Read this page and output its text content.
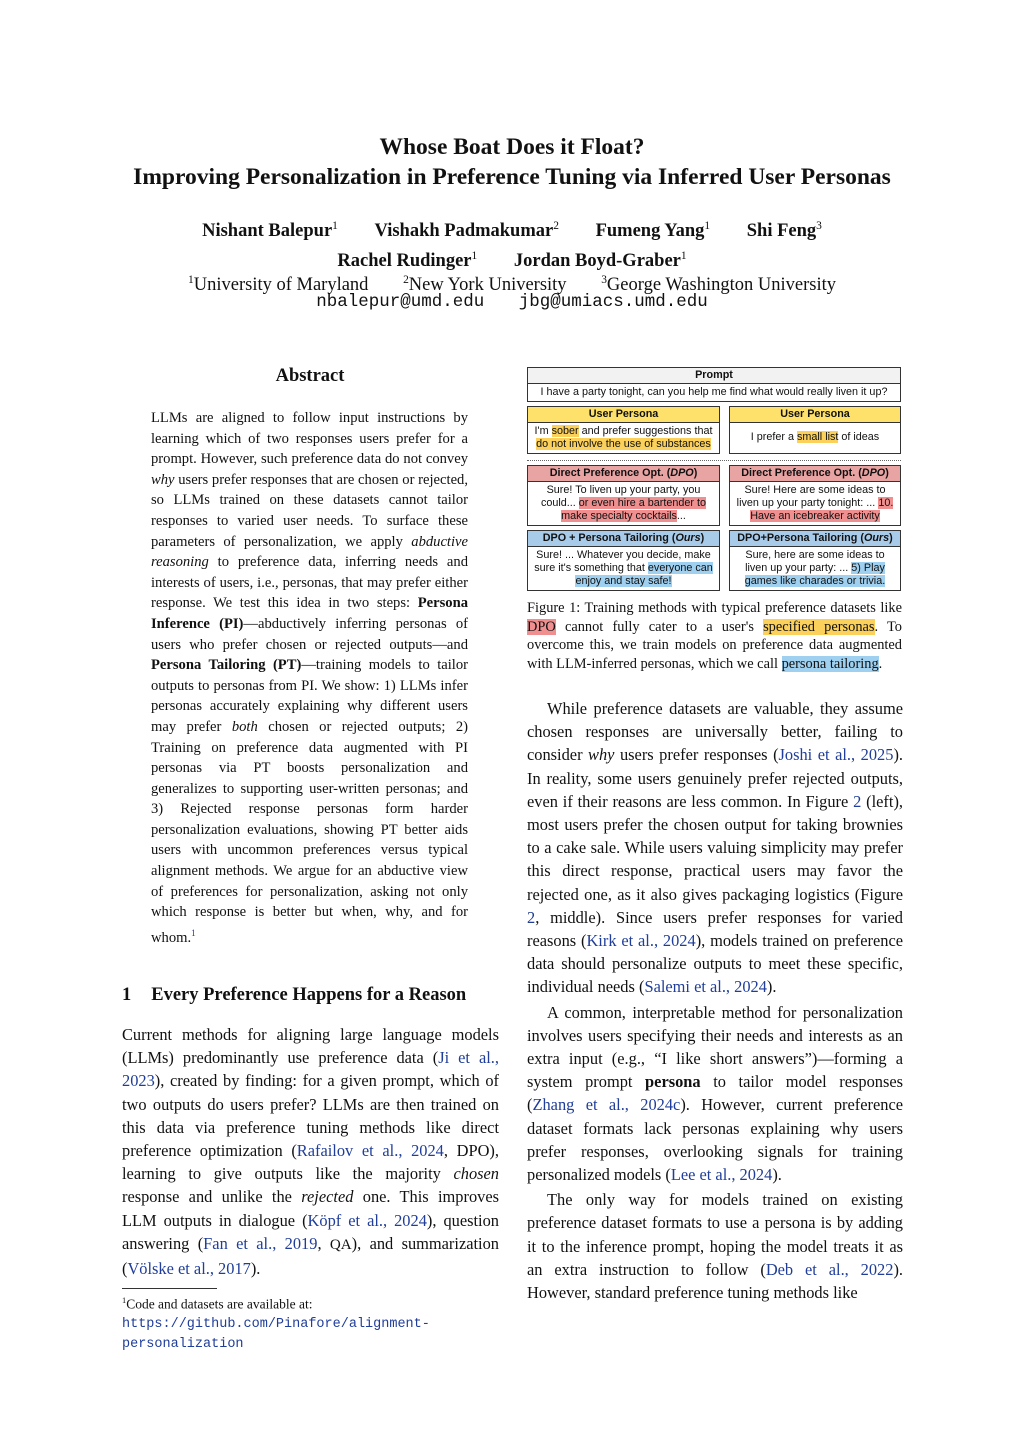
Whose Boat Does it Float?
Improving Personalization in Preference Tuning via Inferred User Personas
Nishant Balepur$^1$ Vishakh Padmakumar$^2$ Fumeng Yang$^1$ Shi Feng$^3$
Rachel Rudinger$^1$ Jordan Boyd-Graber$^1$
$^1$University of Maryland	$^2$New York University	$^3$George Washington University
nbalepur@umd.edu jbg@umiacs.umd.edu
Abstract
LLMs are aligned to follow input instructions by learning which of two responses users prefer for a prompt. However, such preference data do not convey why users prefer responses that are chosen or rejected, so LLMs trained on these datasets cannot tailor responses to varied user needs. To surface these parameters of personalization, we apply abductive reasoning to preference data, inferring needs and interests of users, i.e., personas, that may prefer either response. We test this idea in two steps: Persona Inference (PI)—abductively inferring personas of users who prefer chosen or rejected outputs—and Persona Tailoring (PT)—training models to tailor outputs to personas from PI. We show: 1) LLMs infer personas accurately explaining why different users may prefer both chosen or rejected outputs; 2) Training on preference data augmented with PI personas via PT boosts personalization and generalizes to supporting user-written personas; and 3) Rejected response personas form harder personalization evaluations, showing PT better aids users with uncommon preferences versus typical alignment methods. We argue for an abductive view of preferences for personalization, asking not only which response is better but when, why, and for whom.$^1$
1 Every Preference Happens for a Reason
Current methods for aligning large language models (LLMs) predominantly use preference data (Ji et al., 2023), created by finding: for a given prompt, which of two outputs do users prefer? LLMs are then trained on this data via preference tuning methods like direct preference optimization (Rafailov et al., 2024, DPO), learning to give outputs like the majority chosen response and unlike the rejected one. This improves LLM outputs in dialogue (Köpf et al., 2024), question answering (Fan et al., 2019, QA), and summarization (Völske et al., 2017).
$^1$Code and datasets are available at: https://github.com/Pinafore/alignment-personalization
Prompt
I have a party tonight, can you help me find what would really liven it up?
User Persona
I'm sober and prefer suggestions that do not involve the use of substances
User Persona
I prefer a small list of ideas
Direct Preference Opt. (DPO)
Sure! To liven up your party, you could... or even hire a bartender to make specialty cocktails...
Direct Preference Opt. (DPO)
Sure! Here are some ideas to liven up your party tonight: ... 10. Have an icebreaker activity
DPO + Persona Tailoring (Ours)
Sure! ... Whatever you decide, make sure it's something that everyone can enjoy and stay safe!
DPO+Persona Tailoring (Ours)
Sure, here are some ideas to liven up your party: ... 5) Play games like charades or trivia.
Figure 1: Training methods with typical preference datasets like DPO cannot fully cater to a user's specified personas. To overcome this, we train models on preference data augmented with LLM-inferred personas, which we call persona tailoring.

While preference datasets are valuable, they assume chosen responses are universally better, failing to consider why users prefer responses (Joshi et al., 2025). In reality, some users genuinely prefer rejected outputs, even if their reasons are less common. In Figure 2 (left), most users prefer the chosen output for taking brownies to a cake sale. While users valuing simplicity may prefer this direct response, practical users may favor the rejected one, as it also gives packaging logistics (Figure 2, middle). Since users prefer responses for varied reasons (Kirk et al., 2024), models trained on preference data should personalize outputs to meet these specific, individual needs (Salemi et al., 2024).

A common, interpretable method for personalization involves users specifying their needs and interests as an extra input (e.g., “I like short answers”)—forming a system prompt persona to tailor model responses (Zhang et al., 2024c). However, current preference dataset formats lack personas explaining why users prefer responses, overlooking signals for training personalized models (Lee et al., 2024).

The only way for models trained on existing preference dataset formats to use a persona is by adding it to the inference prompt, hoping the model treats it as an extra instruction to follow (Deb et al., 2022). However, standard preference tuning methods like
